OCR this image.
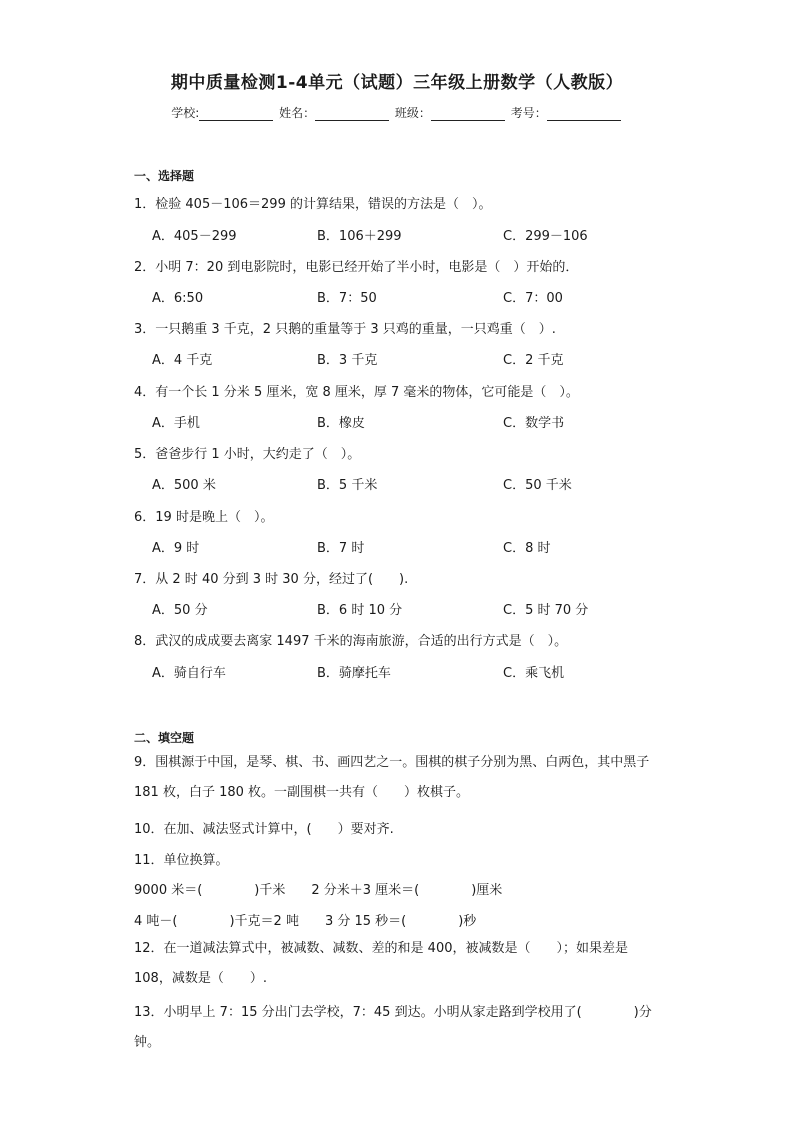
期中质量检测1-4单元（试题）三年级上册数学（人教版）
学校:	姓名：	班级：	考号：
一、选择题
1．检验 405－106＝299 的计算结果，错误的方法是（　）。
A．405－299	B．106＋299	C．299－106
2．小明 7：20 到电影院时，电影已经开始了半小时，电影是（　）开始的．
A．6:50	B．7：50	C．7：00
3．一只鹅重 3 千克，2 只鹅的重量等于 3 只鸡的重量，一只鸡重（　）.
A．4 千克	B．3 千克	C．2 千克
4．有一个长 1 分米 5 厘米，宽 8 厘米，厚 7 毫米的物体，它可能是（　）。
A．手机	B．橡皮	C．数学书
5．爸爸步行 1 小时，大约走了（　）。
A．500 米	B．5 千米	C．50 千米
6．19 时是晚上（　）。
A．9 时	B．7 时	C．8 时
7．从 2 时 40 分到 3 时 30 分，经过了(　　).
A．50 分	B．6 时 10 分	C．5 时 70 分
8．武汉的成成要去离家 1497 千米的海南旅游，合适的出行方式是（　）。
A．骑自行车	B．骑摩托车	C．乘飞机
二、填空题
9．围棋源于中国，是琴、棋、书、画四艺之一。围棋的棋子分别为黑、白两色，其中黑子 181 枚，白子 180 枚。一副围棋一共有（　　）枚棋子。
10．在加、减法竖式计算中，(　　）要对齐.
11．单位换算。
9000 米＝(　　　　)千米　　2 分米＋3 厘米＝(　　　　)厘米
4 吨－(　　　　)千克＝2 吨　　3 分 15 秒＝(　　　　)秒
12．在一道减法算式中，被减数、减数、差的和是 400，被减数是（　　）；如果差是 108，减数是（　　）.
13．小明早上 7：15 分出门去学校，7：45 到达。小明从家走路到学校用了(　　　　)分钟。
